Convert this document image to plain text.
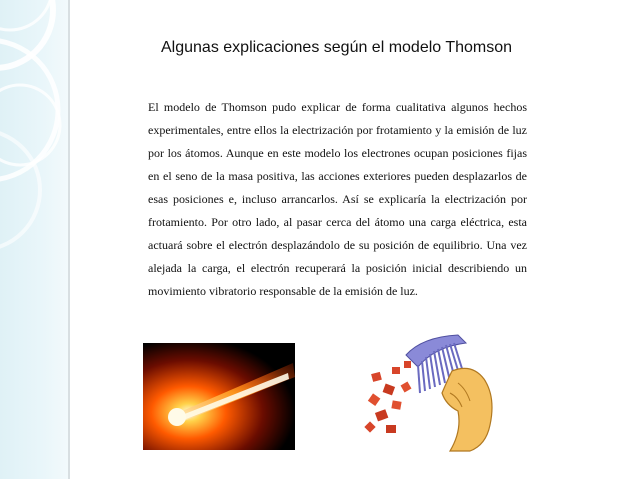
Algunas explicaciones según el modelo Thomson
El modelo de Thomson pudo explicar de forma cualitativa algunos hechos experimentales, entre ellos la electrización por frotamiento y la emisión de luz por los átomos. Aunque en este modelo los electrones ocupan posiciones fijas en el seno de la masa positiva, las acciones exteriores pueden desplazarlos de esas posiciones e, incluso arrancarlos. Así se explicaría la electrización por frotamiento. Por otro lado, al pasar cerca del átomo una carga eléctrica, esta actuará sobre el electrón desplazándolo de su posición de equilibrio. Una vez alejada la carga, el electrón recuperará la posición inicial describiendo un movimiento vibratorio responsable de la emisión de luz.
